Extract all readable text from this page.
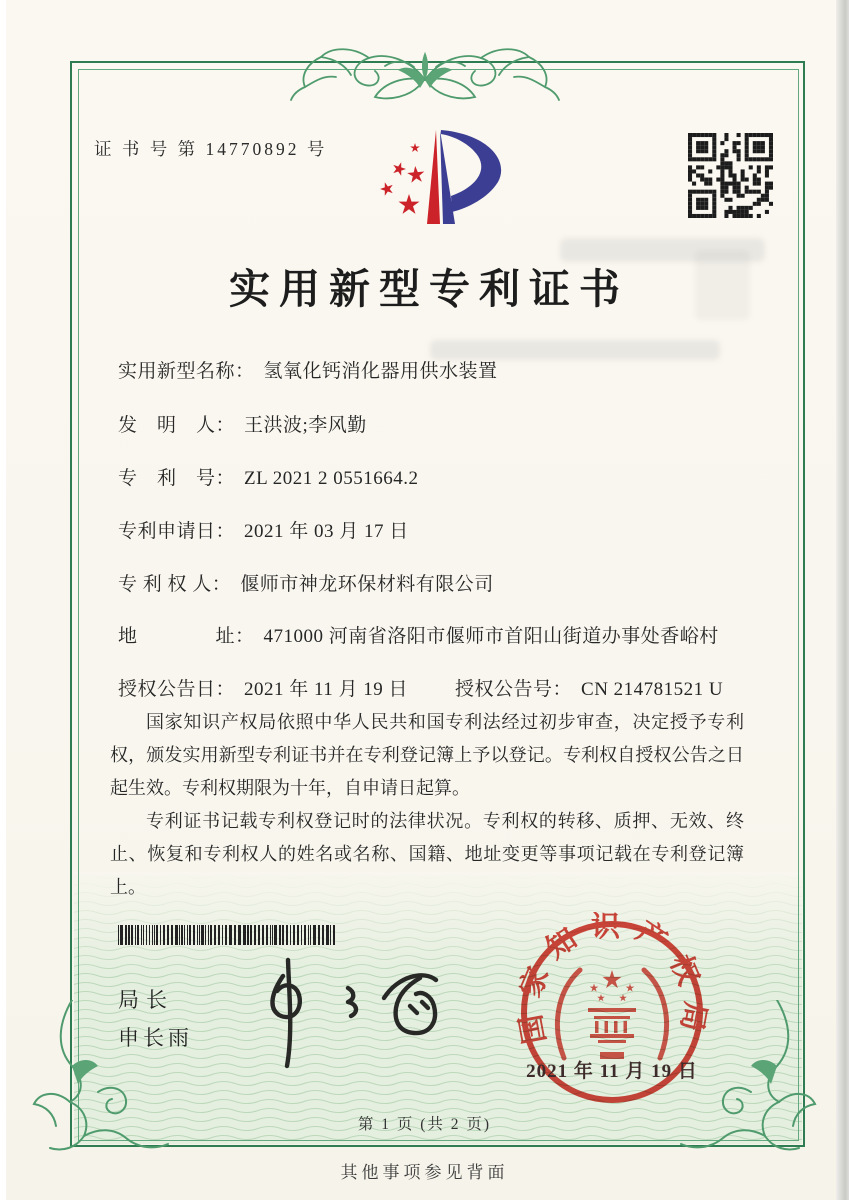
证 书 号 第 14770892 号
实用新型专利证书
实用新型名称： 氢氧化钙消化器用供水装置
发　明　人： 王洪波;李风勤
专　利　号： ZL 2021 2 0551664.2
专利申请日： 2021 年 03 月 17 日
专 利 权 人： 偃师市神龙环保材料有限公司
地　　　　址： 471000 河南省洛阳市偃师市首阳山街道办事处香峪村
授权公告日： 2021 年 11 月 19 日 授权公告号： CN 214781521 U

国家知识产权局依照中华人民共和国专利法经过初步审查，决定授予专利权，颁发实用新型专利证书并在专利登记簿上予以登记。专利权自授权公告之日起生效。专利权期限为十年，自申请日起算。

专利证书记载专利权登记时的法律状况。专利权的转移、质押、无效、终止、恢复和专利权人的姓名或名称、国籍、地址变更等事项记载在专利登记簿上。

局长
申长雨	国家知识产权局
2021 年 11 月 19 日
第 1 页 (共 2 页)
其他事项参见背面
